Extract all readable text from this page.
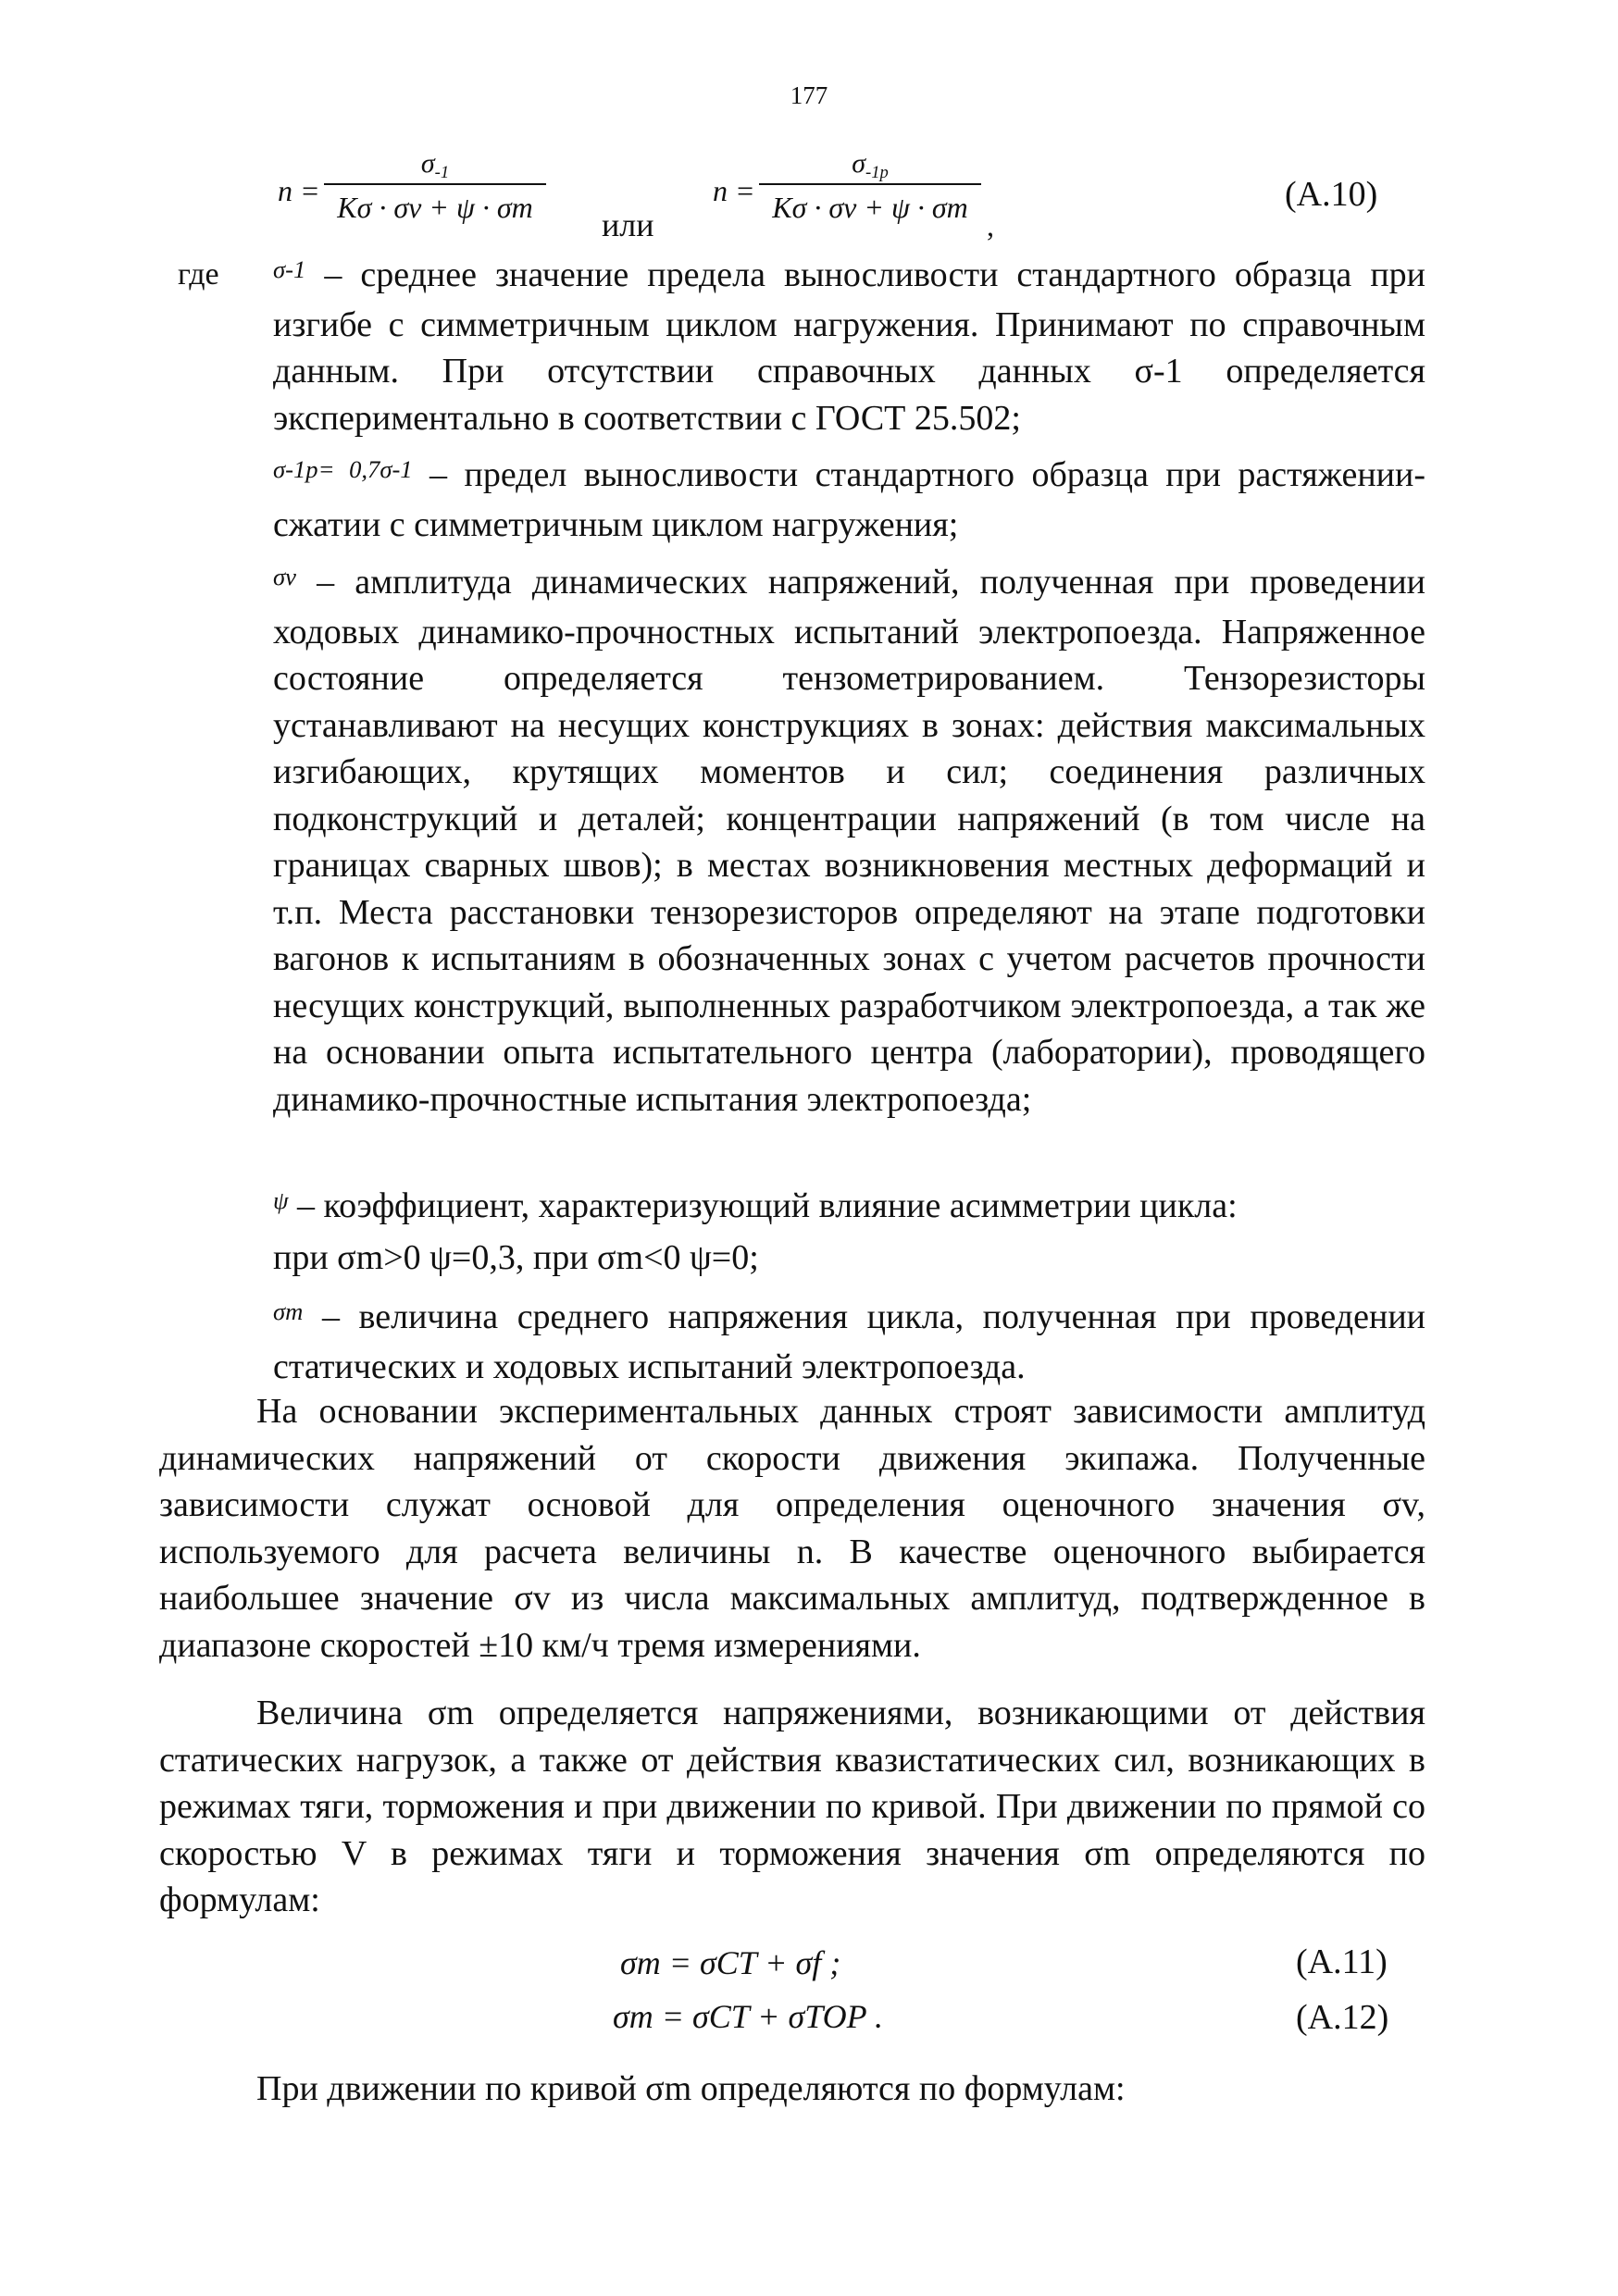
177
$n = \frac{\sigma_{-1}}{K\sigma \cdot \sigma v + \psi \cdot \sigma m}$
или
$n = \frac{\sigma_{-1p}}{K\sigma \cdot \sigma v + \psi \cdot \sigma m}$
,
(А.10)
где $^{\sigma-1}$ – среднее значение предела выносливости стандартного образца при изгибе с симметричным циклом нагружения. Принимают по справочным данным. При отсутствии справочных данных σ-1 определяется экспериментально в соответствии с ГОСТ 25.502;
$^{\sigma-1p= 0,7\sigma-1}$ – предел выносливости стандартного образца при растяжении-сжатии с симметричным циклом нагружения;
$^{\sigma v}$ – амплитуда динамических напряжений, полученная при проведении ходовых динамико-прочностных испытаний электропоезда. Напряженное состояние определяется тензометрированием. Тензорезисторы устанавливают на несущих конструкциях в зонах: действия максимальных изгибающих, крутящих моментов и сил; соединения различных подконструкций и деталей; концентрации напряжений (в том числе на границах сварных швов); в местах возникновения местных деформаций и т.п. Места расстановки тензорезисторов определяют на этапе подготовки вагонов к испытаниям в обозначенных зонах с учетом расчетов прочности несущих конструкций, выполненных разработчиком электропоезда, а так же на основании опыта испытательного центра (лаборатории), проводящего динамико-прочностные испытания электропоезда;
$^\psi$ – коэффициент, характеризующий влияние асимметрии цикла:
при σm>0 ψ=0,3, при σm<0 ψ=0;
$^{\sigma m}$ – величина среднего напряжения цикла, полученная при проведении статических и ходовых испытаний электропоезда.
На основании экспериментальных данных строят зависимости амплитуд динамических напряжений от скорости движения экипажа. Полученные зависимости служат основой для определения оценочного значения σv, используемого для расчета величины n. В качестве оценочного выбирается наибольшее значение σv из числа максимальных амплитуд, подтвержденное в диапазоне скоростей ±10 км/ч тремя измерениями.
Величина σm определяется напряжениями, возникающими от действия статических нагрузок, а также от действия квазистатических сил, возникающих в режимах тяги, торможения и при движении по кривой. При движении по прямой со скоростью V в режимах тяги и торможения значения σm определяются по формулам:
σm = σCT + σf ;	(А.11)
σm = σCT + σTOP .	(А.12)
При движении по кривой σm определяются по формулам:
